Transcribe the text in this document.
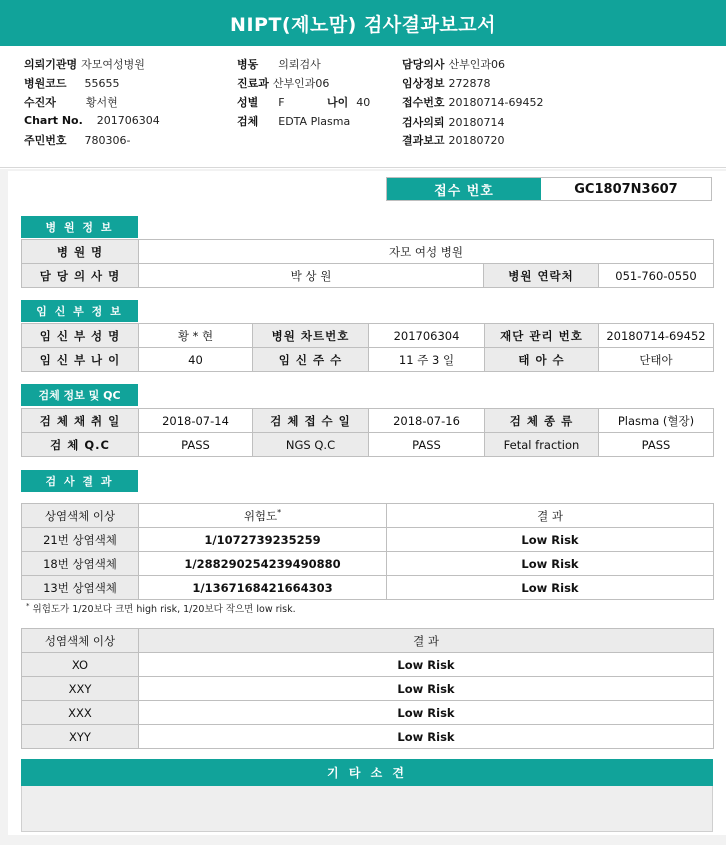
NIPT(제노맘) 검사결과보고서
의뢰기관명 자모여성병원
병원코드 55655
수진자	황서현
Chart No. 201706304
주민번호 780306-
병동 의뢰검사
진료과 산부인과06
성별 F	나이 40
검체 EDTA Plasma
담당의사 산부인과06
임상정보 272878
접수번호 20180714-69452
검사의뢰 20180714
결과보고 20180720
접수 번호	GC1807N3607
병 원 정 보
병 원 명	자모 여성 병원		
담 당 의 사 명	박 상 원	병원 연락처	051-760-0550
임 신 부 정 보
임 신 부 성 명	황 * 현	병원 차트번호	201706304	재단 관리 번호	20180714-69452
임 신 부 나 이	40	임 신 주 수	11 주 3 일	태 아 수	단태아
검체 정보 및 QC
검 체 채 취 일	2018-07-14	검 체 접 수 일	2018-07-16	검 체 종 류	Plasma (혈장)
검 체 Q.C	PASS	NGS Q.C	PASS	Fetal fraction	PASS
검 사 결 과
상염색체 이상	위험도*	결 과
21번 상염색체	1/1072739235259	Low Risk
18번 상염색체	1/288290254239490880	Low Risk
13번 상염색체	1/1367168421664303	Low Risk
* 위험도가 1/20보다 크면 high risk, 1/20보다 작으면 low risk.
성염색체 이상	결 과
XO	Low Risk
XXY	Low Risk
XXX	Low Risk
XYY	Low Risk
기 타 소 견
